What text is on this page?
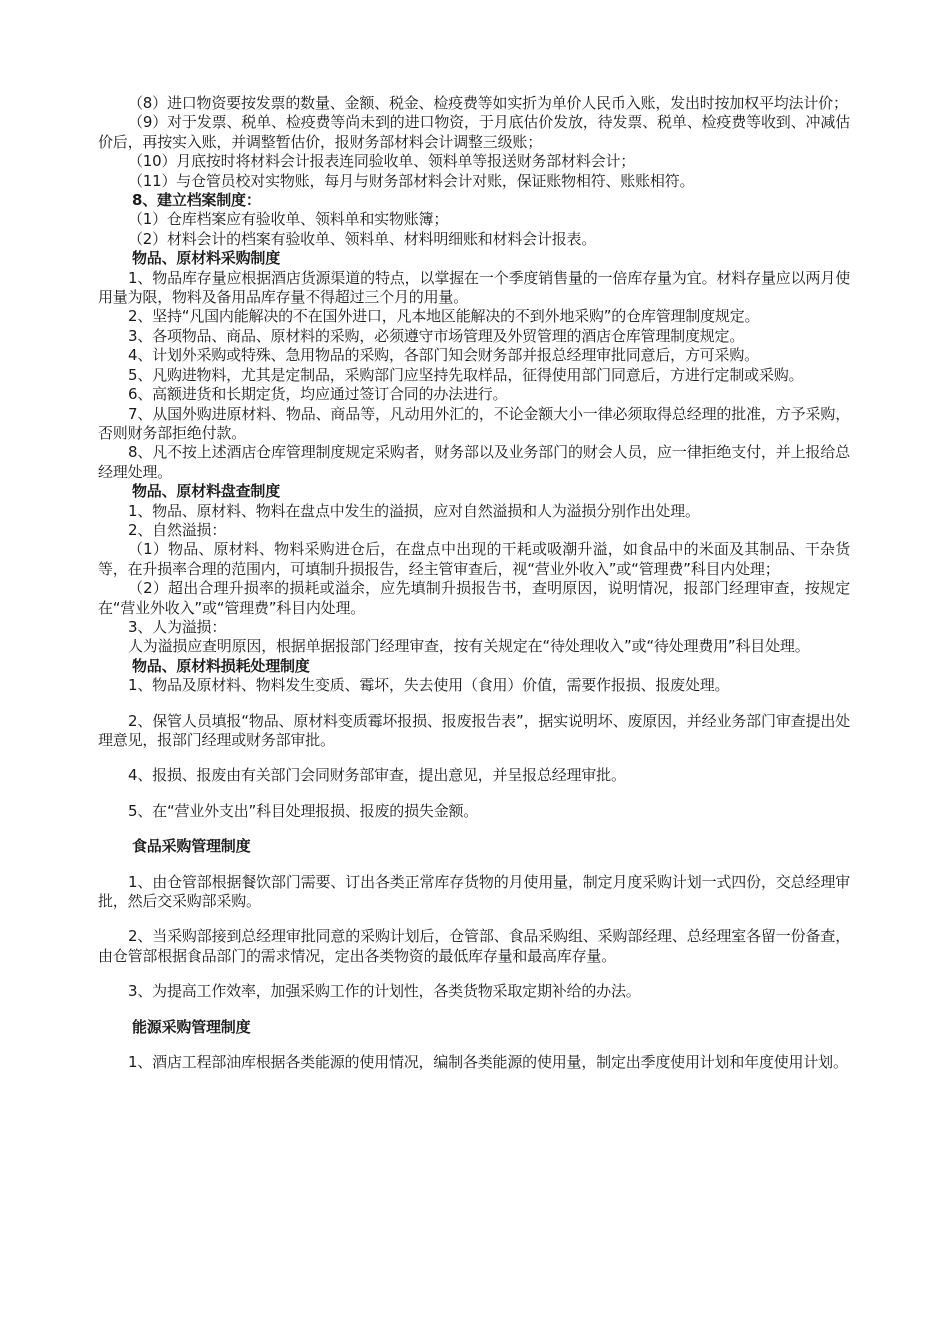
（8）进口物资要按发票的数量、金额、税金、检疫费等如实折为单价人民币入账，发出时按加权平均法计价；

（9）对于发票、税单、检疫费等尚未到的进口物资，于月底估价发放，待发票、税单、检疫费等收到、冲减估价后，再按实入账，并调整暂估价，报财务部材料会计调整三级账；

（10）月底按时将材料会计报表连同验收单、领料单等报送财务部材料会计；

（11）与仓管员校对实物账，每月与财务部材料会计对账，保证账物相符、账账相符。

8、建立档案制度：

（1）仓库档案应有验收单、领料单和实物账簿；

（2）材料会计的档案有验收单、领料单、材料明细账和材料会计报表。

物品、原材料采购制度

1、物品库存量应根据酒店货源渠道的特点，以掌握在一个季度销售量的一倍库存量为宜。材料存量应以两月使用量为限，物料及备用品库存量不得超过三个月的用量。

2、坚持“凡国内能解决的不在国外进口，凡本地区能解决的不到外地采购”的仓库管理制度规定。

3、各项物品、商品、原材料的采购，必须遵守市场管理及外贸管理的酒店仓库管理制度规定。

4、计划外采购或特殊、急用物品的采购，各部门知会财务部并报总经理审批同意后，方可采购。

5、凡购进物料，尤其是定制品，采购部门应坚持先取样品，征得使用部门同意后，方进行定制或采购。

6、高额进货和长期定货，均应通过签订合同的办法进行。

7、从国外购进原材料、物品、商品等，凡动用外汇的，不论金额大小一律必须取得总经理的批准，方予采购，否则财务部拒绝付款。

8、凡不按上述酒店仓库管理制度规定采购者，财务部以及业务部门的财会人员，应一律拒绝支付，并上报给总经理处理。

物品、原材料盘查制度

1、物品、原材料、物料在盘点中发生的溢损，应对自然溢损和人为溢损分别作出处理。

2、自然溢损：

（1）物品、原材料、物料采购进仓后，在盘点中出现的干耗或吸潮升溢，如食品中的米面及其制品、干杂货等，在升损率合理的范围内，可填制升损报告，经主管审查后，视“营业外收入”或“管理费”科目内处理；

（2）超出合理升损率的损耗或溢余，应先填制升损报告书，查明原因，说明情况，报部门经理审查，按规定在“营业外收入”或“管理费”科目内处理。

3、人为溢损：

人为溢损应查明原因，根据单据报部门经理审查，按有关规定在“待处理收入”或“待处理费用”科目处理。

物品、原材料损耗处理制度

1、物品及原材料、物料发生变质、霉坏，失去使用（食用）价值，需要作报损、报废处理。

2、保管人员填报“物品、原材料变质霉坏报损、报废报告表”，据实说明坏、废原因，并经业务部门审查提出处理意见，报部门经理或财务部审批。

4、报损、报废由有关部门会同财务部审查，提出意见，并呈报总经理审批。

5、在“营业外支出”科目处理报损、报废的损失金额。

食品采购管理制度

1、由仓管部根据餐饮部门需要、订出各类正常库存货物的月使用量，制定月度采购计划一式四份，交总经理审批，然后交采购部采购。

2、当采购部接到总经理审批同意的采购计划后，仓管部、食品采购组、采购部经理、总经理室各留一份备查，由仓管部根据食品部门的需求情况，定出各类物资的最低库存量和最高库存量。

3、为提高工作效率，加强采购工作的计划性，各类货物采取定期补给的办法。

能源采购管理制度

1、酒店工程部油库根据各类能源的使用情况，编制各类能源的使用量，制定出季度使用计划和年度使用计划。
